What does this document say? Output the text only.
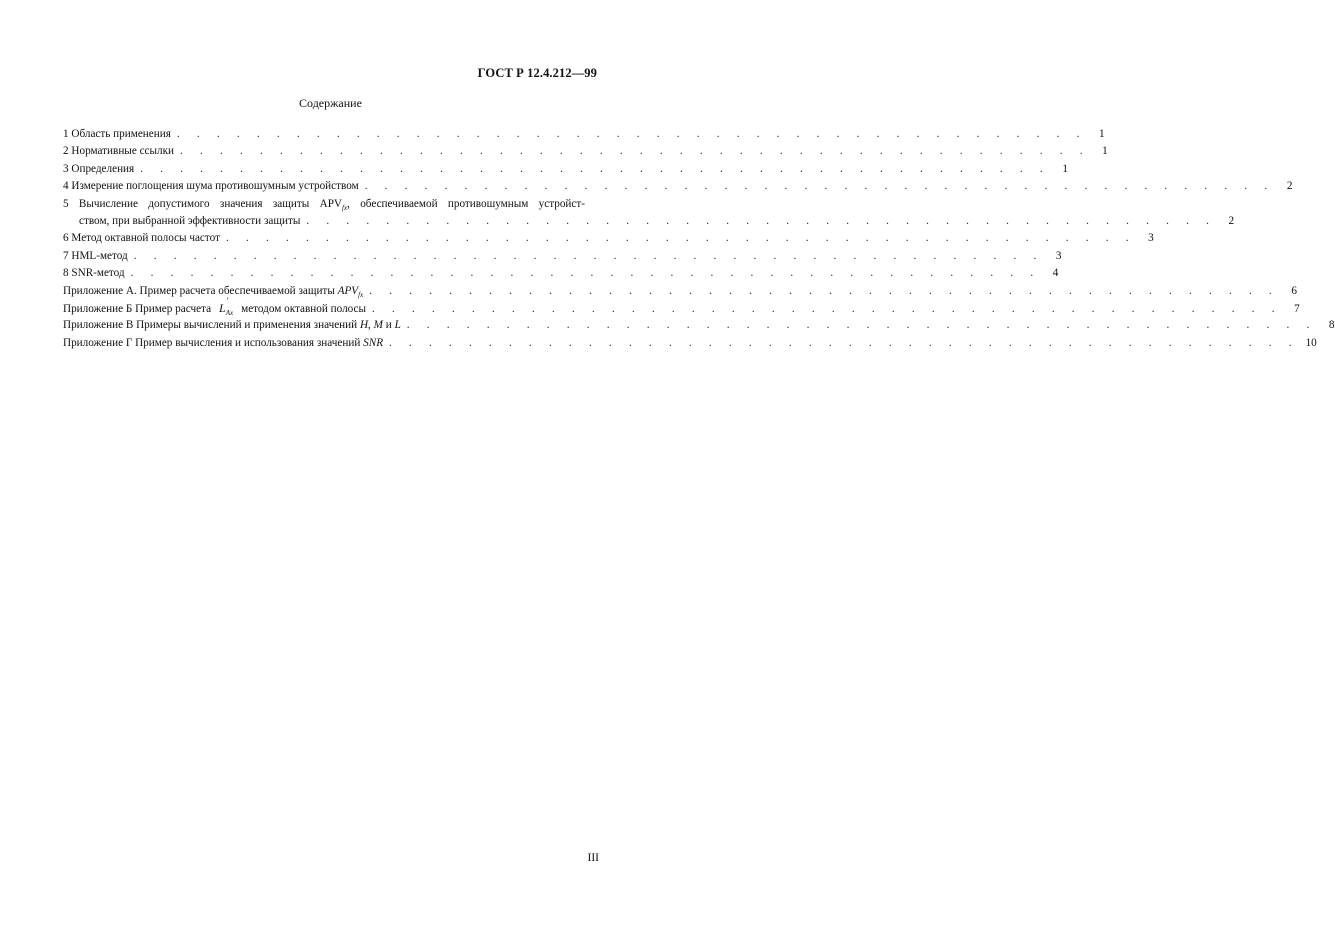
ГОСТ Р 12.4.212—99
Содержание
1 Область применения . . . . . . . . . . . . . . . . . . . . . . . . . . . . . . . . . . . . . . . . . . . . . .	1
2 Нормативные ссылки . . . . . . . . . . . . . . . . . . . . . . . . . . . . . . . . . . . . . . . . . . . . . .	1
3 Определения . . . . . . . . . . . . . . . . . . . . . . . . . . . . . . . . . . . . . . . . . . . . . .	1
4 Измерение поглощения шума противошумным устройством . . . . . . . . . . . . . . . . . . . . . . . . . . . . . . . . . . . . . . . . . . . . . .	2
5 Вычисление допустимого значения защиты $APV_{fx}$, обеспечиваемой противошумным устройст-
ством, при выбранной эффективности защиты . . . . . . . . . . . . . . . . . . . . . . . . . . . . . . . . . . . . . . . . . . . . . .	2
6 Метод октавной полосы частот . . . . . . . . . . . . . . . . . . . . . . . . . . . . . . . . . . . . . . . . . . . . . .	3
7 HML-метод . . . . . . . . . . . . . . . . . . . . . . . . . . . . . . . . . . . . . . . . . . . . . .	3
8 SNR-метод . . . . . . . . . . . . . . . . . . . . . . . . . . . . . . . . . . . . . . . . . . . . . .	4
Приложение А. Пример расчета обеспечиваемой защиты $APV_{fx}$ . . . . . . . . . . . . . . . . . . . . . . . . . . . . . . . . . . . . . . . . . . . . . .	6
Приложение Б Пример расчета $L_{Ax}$
'
методом октавной полосы . . . . . . . . . . . . . . . . . . . . . . . . . . . . . . . . . . . . . . . . . . . . . .	7
Приложение В Примеры вычислений и применения значений H, M и L . . . . . . . . . . . . . . . . . . . . . . . . . . . . . . . . . . . . . . . . . . . . . .	8
Приложение Г Пример вычисления и использования значений SNR . . . . . . . . . . . . . . . . . . . . . . . . . . . . . . . . . . . . . . . . . . . . . . 10
III
